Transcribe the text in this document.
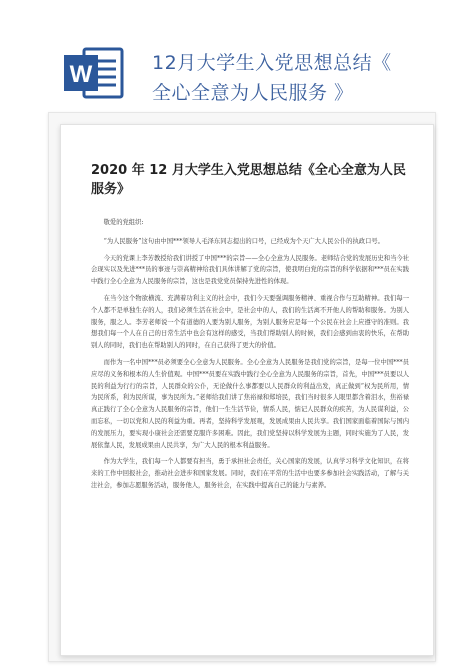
W	12月大学生入党思想总结《
全心全意为人民服务 》
2020 年 12 月大学生入党思想总结《全心全意为人民服务》

敬爱的党组织:

“为人民服务”这句由中国***领导人毛泽东同志提出的口号，已经成为个天广大人民公仆的执政口号。

今天的党课上李芳教授给我们讲授了中国***的宗旨——全心全意为人民服务。老师结合党的发展历史和当今社会现实以及先进***员的事迹与崇高精神给我们具体讲解了党的宗旨，使我明白党的宗旨的科学依据和***员在实践中践行全心全意为人民服务的宗旨，这也是我党党员保持先进性的体现。

在当今这个物欲横流、充满着功利主义的社会中，我们今天要强调服务精神、重视合作与互助精神。我们每一个人都不是单独生存的人，我们必须生活在社会中，是社会中的人，我们的生活离不开他人的帮助和服务。为别人服务，服之人。李芳老师说一个有道德的人要为别人服务，为别人服务应是每一个公民在社会上应遵守的准则。我想我们每一个人在自己的日常生活中也会有这样的感受，当我们帮助别人的时候，我们会感到由衷的快乐，在帮助别人的同时，我们也在帮助别人的同时，在自己获得了更大的价值。

而作为一名中国***员必须要全心全意为人民服务。全心全意为人民服务是我们党的宗旨，是每一位中国***员应尽的义务和根本的人生价值观。中国***员要在实践中践行全心全意为人民服务的宗旨，首先，中国***员要以人民的利益为行行的宗旨，人民群众的公仆，无论做什么事都要以人民群众的利益出发，真正做到“权为民所用，情为民所系，利为民所谋，事为民所为。”老师给我们讲了焦裕禄和郑培民，我们当时很多人眼里都含着泪水，焦裕禄真正践行了全心全意为人民服务的宗旨，他们一生生活节俭，情系人民，惦记人民群众的疾苦，为人民谋利益，公而忘私，一切以党和人民的利益为重。再者，坚持科学发展观，发展成果由人民共享。我们国家面临着国际与国内的发展压力，要实现小康社会还需要克服许多困难。因此，我们党坚持以科学发展为主题，同时实施为了人民，发展依靠人民，发展成果由人民共享，为广大人民的根本利益服务。

作为大学生，我们每一个人都要有担当，勇于承担社会责任，关心国家的发展，认真学习科学文化知识，在将来的工作中回报社会，推动社会进步和国家发展。同时，我们在平常的生活中也要多参加社会实践活动，了解与关注社会，参加志愿服务活动，服务他人，服务社会，在实践中提高自己的能力与素养。
